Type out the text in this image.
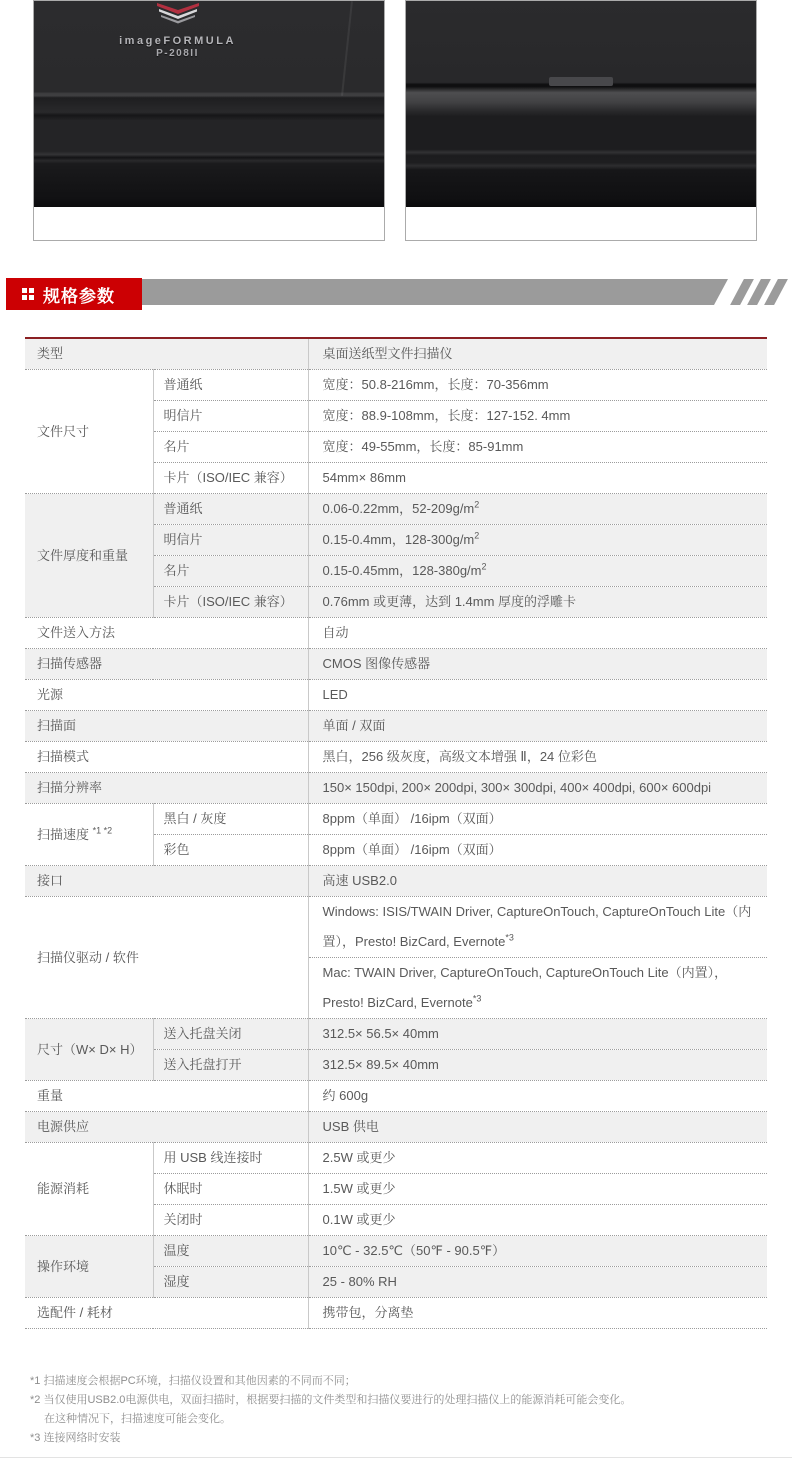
imageFORMULA
P-208II
规格参数
类型		桌面送纸型文件扫描仪
文件尺寸	普通纸	宽度：50.8-216mm，长度：70-356mm
	明信片	宽度：88.9-108mm，长度：127-152. 4mm
	名片	宽度：49-55mm，长度：85-91mm
	卡片（ISO/IEC 兼容）	54mm× 86mm
文件厚度和重量	普通纸	0.06-0.22mm，$52-209g/m^2$
	明信片	0.15-0.4mm，$128-300g/m^2$
	名片	0.15-0.45mm，$128-380g/m^2$
	卡片（ISO/IEC 兼容）	0.76mm 或更薄，达到 1.4mm 厚度的浮雕卡
文件送入方法		自动
扫描传感器		CMOS 图像传感器
光源		LED
扫描面		单面 / 双面
扫描模式		黑白，256 级灰度，高级文本增强 Ⅱ，24 位彩色
扫描分辨率		150× 150dpi, 200× 200dpi, 300× 300dpi, 400× 400dpi, 600× 600dpi
扫描速度 $^{*1 *2}$	黑白 / 灰度	8ppm（单面） /16ipm（双面）
	彩色	8ppm（单面） /16ipm（双面）
接口		高速 USB2.0
扫描仪驱动 / 软件		Windows: ISIS/TWAIN Driver, CaptureOnTouch, CaptureOnTouch Lite（内置），Presto! BizCard, Evernote$^{*3}$
		Mac: TWAIN Driver, CaptureOnTouch, CaptureOnTouch Lite（内置），Presto! BizCard, Evernote$^{*3}$
尺寸（W× D× H）	送入托盘关闭	312.5× 56.5× 40mm
	送入托盘打开	312.5× 89.5× 40mm
重量		约 600g
电源供应		USB 供电
能源消耗	用 USB 线连接时	2.5W 或更少
	休眠时	1.5W 或更少
	关闭时	0.1W 或更少
操作环境	温度	10℃ - 32.5℃（50℉ - 90.5℉）
	湿度	25 - 80% RH
选配件 / 耗材		携带包，分离垫
*1 扫描速度会根据PC环境，扫描仪设置和其他因素的不同而不同；
*2 当仅使用USB2.0电源供电，双面扫描时，根据要扫描的文件类型和扫描仪要进行的处理扫描仪上的能源消耗可能会变化。
在这种情况下，扫描速度可能会变化。
*3 连接网络时安装
